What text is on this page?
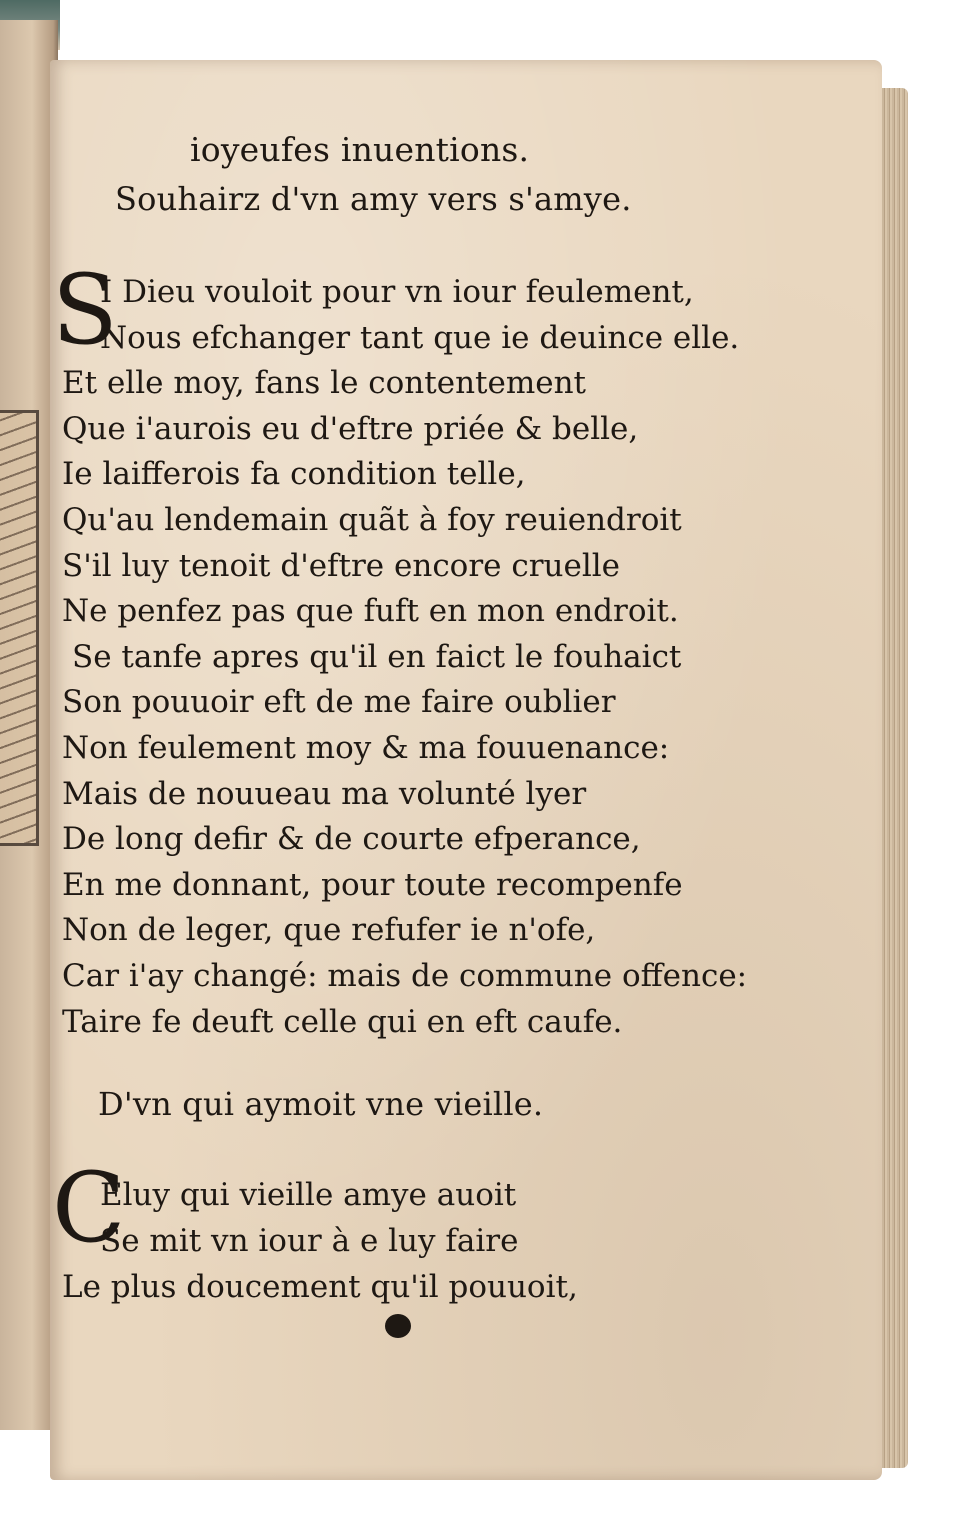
ioyeufes inuentions.
Souhairz d'vn amy vers s'amye.
S
I Dieu vouloit pour vn iour feulement,
Nous efchanger tant que ie deuince elle.
Et elle moy, fans le contentement
Que i'aurois eu d'eftre priée & belle,
Ie laifferois fa condition telle,
Qu'au lendemain quãt à foy reuiendroit
S'il luy tenoit d'eftre encore cruelle
Ne penfez pas que fuft en mon endroit.
Se tanfe apres qu'il en faict le fouhaict
Son pouuoir eft de me faire oublier
Non feulement moy & ma fouuenance:
Mais de nouueau ma volunté lyer
De long defir & de courte efperance,
En me donnant, pour toute recompenfe
Non de leger, que refufer ie n'ofe,
Car i'ay changé: mais de commune offence:
Taire fe deuft celle qui en eft caufe.
D'vn qui aymoit vne vieille.
C
Eluy qui vieille amye auoit
Se mit vn iour à e luy faire
Le plus doucement qu'il pouuoit,
